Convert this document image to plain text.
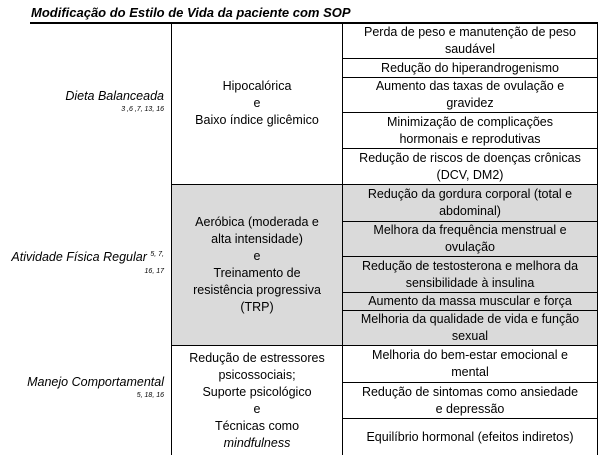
Modificação do Estilo de Vida da paciente com SOP
Dieta Balanceada
3 ,6 ,7, 13, 16
Hipocalórica
e
Baixo índice glicêmico
Perda de peso e manutenção de peso
saudável
Redução do hiperandrogenismo
Aumento das taxas de ovulação e
gravidez
Minimização de complicações
hormonais e reprodutivas
Redução de riscos de doenças crônicas
(DCV, DM2)
Atividade Física Regular $^{5, 7, 16, 17}$
Aeróbica (moderada e
alta intensidade)
e
Treinamento de
resistência progressiva
(TRP)
Redução da gordura corporal (total e
abdominal)
Melhora da frequência menstrual e
ovulação
Redução de testosterona e melhora da
sensibilidade à insulina
Aumento da massa muscular e força
Melhoria da qualidade de vida e função
sexual
Manejo Comportamental
5, 18, 16
Redução de estressores
psicossociais;
Suporte psicológico
e
Técnicas como
mindfulness
Melhoria do bem-estar emocional e
mental
Redução de sintomas como ansiedade
e depressão
Equilíbrio hormonal (efeitos indiretos)
